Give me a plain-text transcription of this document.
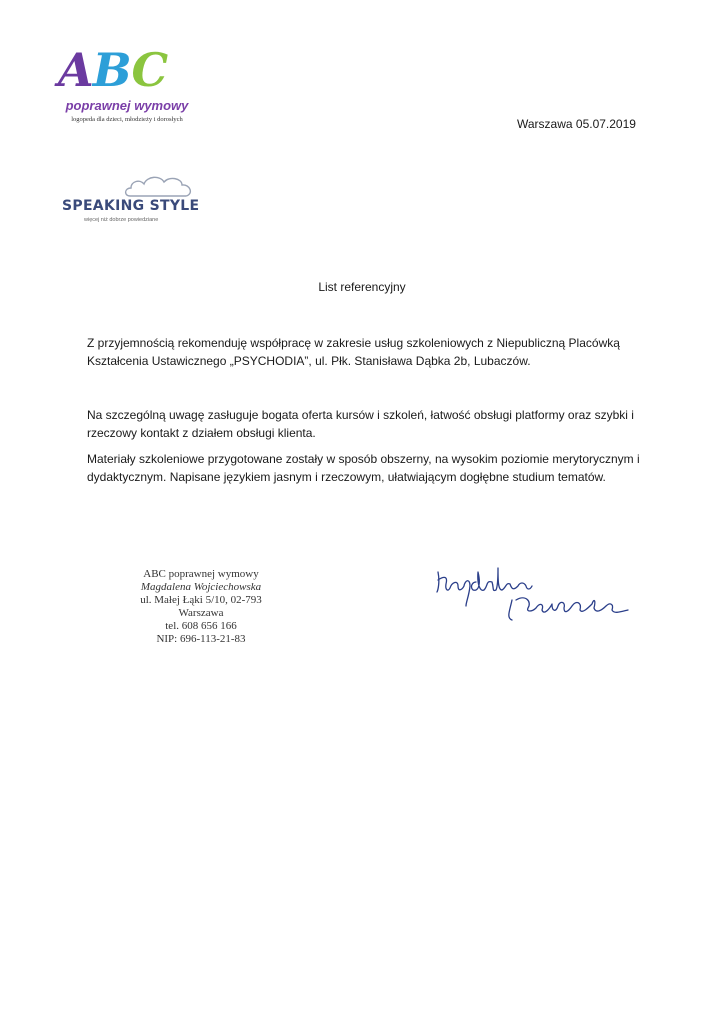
ABC
poprawnej wymowy
logopeda dla dzieci, młodzieży i dorosłych	Warszawa 05.07.2019
SPEAKING STYLE
więcej niż dobrze powiedziane
List referencyjny
Z przyjemnością rekomenduję współpracę w zakresie usług szkoleniowych z Niepubliczną Placówką Kształcenia Ustawicznego „PSYCHODIA”, ul. Płk. Stanisława Dąbka 2b, Lubaczów.
Na szczególną uwagę zasługuje bogata oferta kursów i szkoleń, łatwość obsługi platformy oraz szybki i rzeczowy kontakt z działem obsługi klienta.
Materiały szkoleniowe przygotowane zostały w sposób obszerny, na wysokim poziomie merytorycznym i dydaktycznym. Napisane językiem jasnym i rzeczowym, ułatwiającym dogłębne studium tematów.
ABC poprawnej wymowy
Magdalena Wojciechowska
ul. Małej Łąki 5/10, 02-793 Warszawa
tel. 608 656 166
NIP: 696-113-21-83
